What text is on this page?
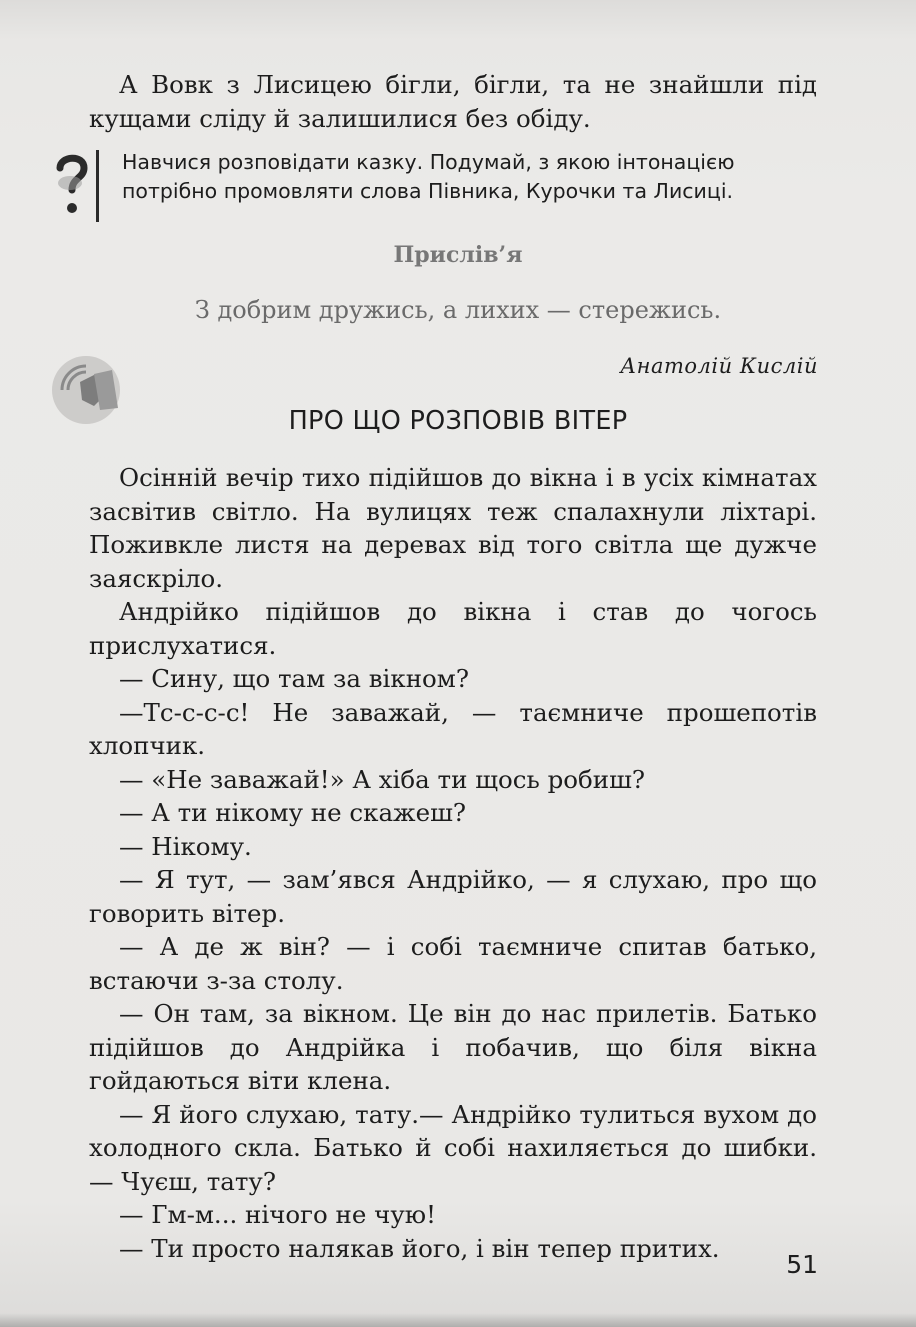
А Вовк з Лисицею бігли, бігли, та не знайшли під кущами сліду й залишилися без обіду.

Навчися розповідати казку. Подумай, з якою інтонацією потрібно промовляти слова Півника, Курочки та Лисиці.
Прислів’я
З добрим дружись, а лихих — стережись.
Анатолій Кислій
ПРО ЩО РОЗПОВІВ ВІТЕР

Осінній вечір тихо підійшов до вікна і в усіх кімнатах засвітив світло. На вулицях теж спалахнули ліхтарі. Поживкле листя на деревах від того світла ще дужче заяскріло.

Андрійко підійшов до вікна і став до чогось прислухатися.

— Сину, що там за вікном?

—Тс-с-с-с! Не заважай, — таємниче прошепотів хлопчик.

— «Не заважай!» А хіба ти щось робиш?

— А ти нікому не скажеш?

— Нікому.

— Я тут, — зам’явся Андрійко, — я слухаю, про що говорить вітер.

— А де ж він? — і собі таємниче спитав батько, встаючи з-за столу.

— Он там, за вікном. Це він до нас прилетів. Батько підійшов до Андрійка і побачив, що біля вікна гойдаються віти клена.

— Я його слухаю, тату.— Андрійко тулиться вухом до холодного скла. Батько й собі нахиляється до шибки. — Чуєш, тату?

— Гм-м... нічого не чую!

— Ти просто налякав його, і він тепер притих.

51
